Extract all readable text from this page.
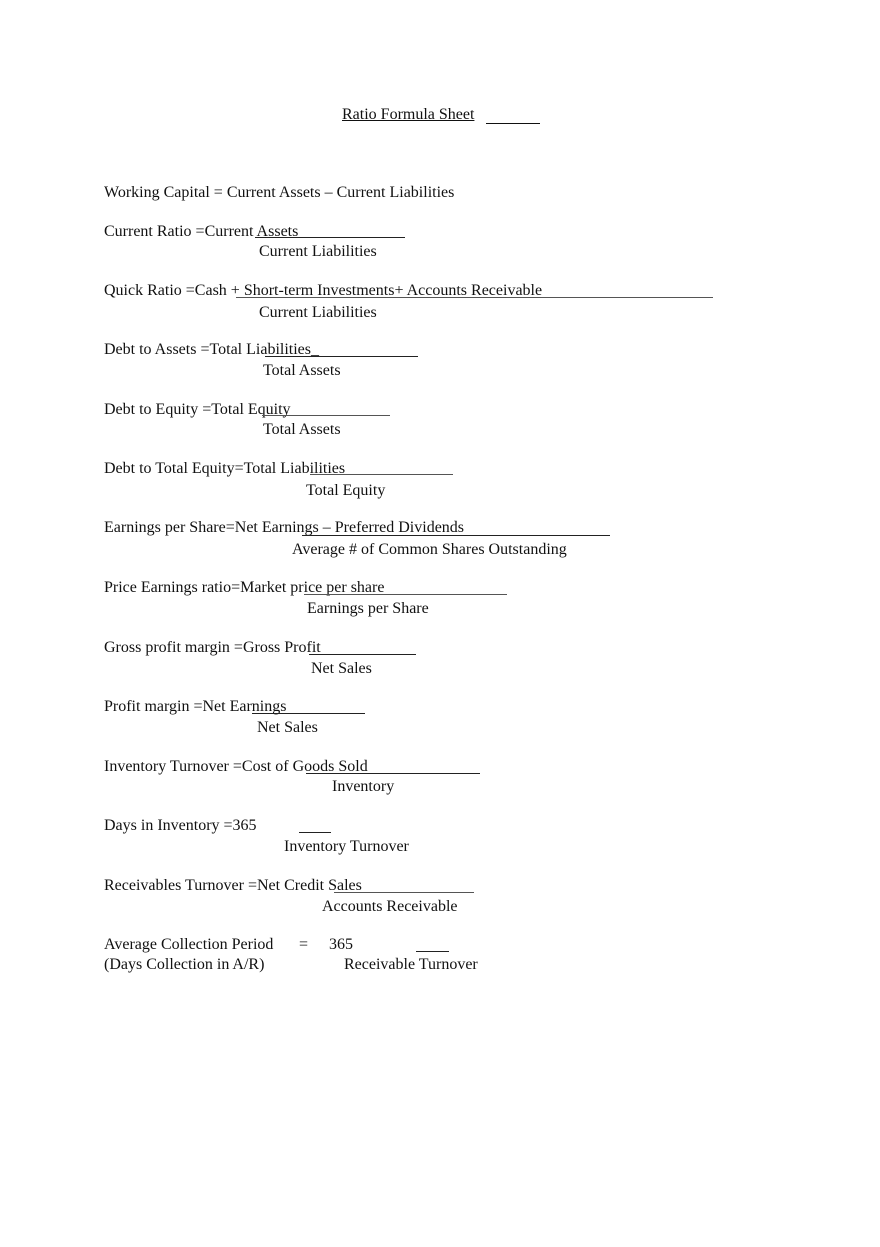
Ratio Formula Sheet
Working Capital = Current Assets – Current Liabilities
Current Ratio =Current Assets
Current Liabilities
Quick Ratio =Cash + Short-term Investments+ Accounts Receivable
Current Liabilities
Debt to Assets =Total Liabilities_
Total Assets
Debt to Equity =Total Equity_
Total Assets
Debt to Total Equity=Total Liabilities_
Total Equity
Earnings per Share=Net Earnings – Preferred Dividends
Average # of Common Shares Outstanding
Price Earnings ratio=Market price per share
Earnings per Share
Gross profit margin =Gross Profit
Net Sales
Profit margin =Net Earnings
Net Sales
Inventory Turnover =Cost of Goods Sold
Inventory
Days in Inventory =365
Inventory Turnover
Receivables Turnover =Net Credit Sales
Accounts Receivable
Average Collection Period = 365
(Days Collection in A/R)	Receivable Turnover
